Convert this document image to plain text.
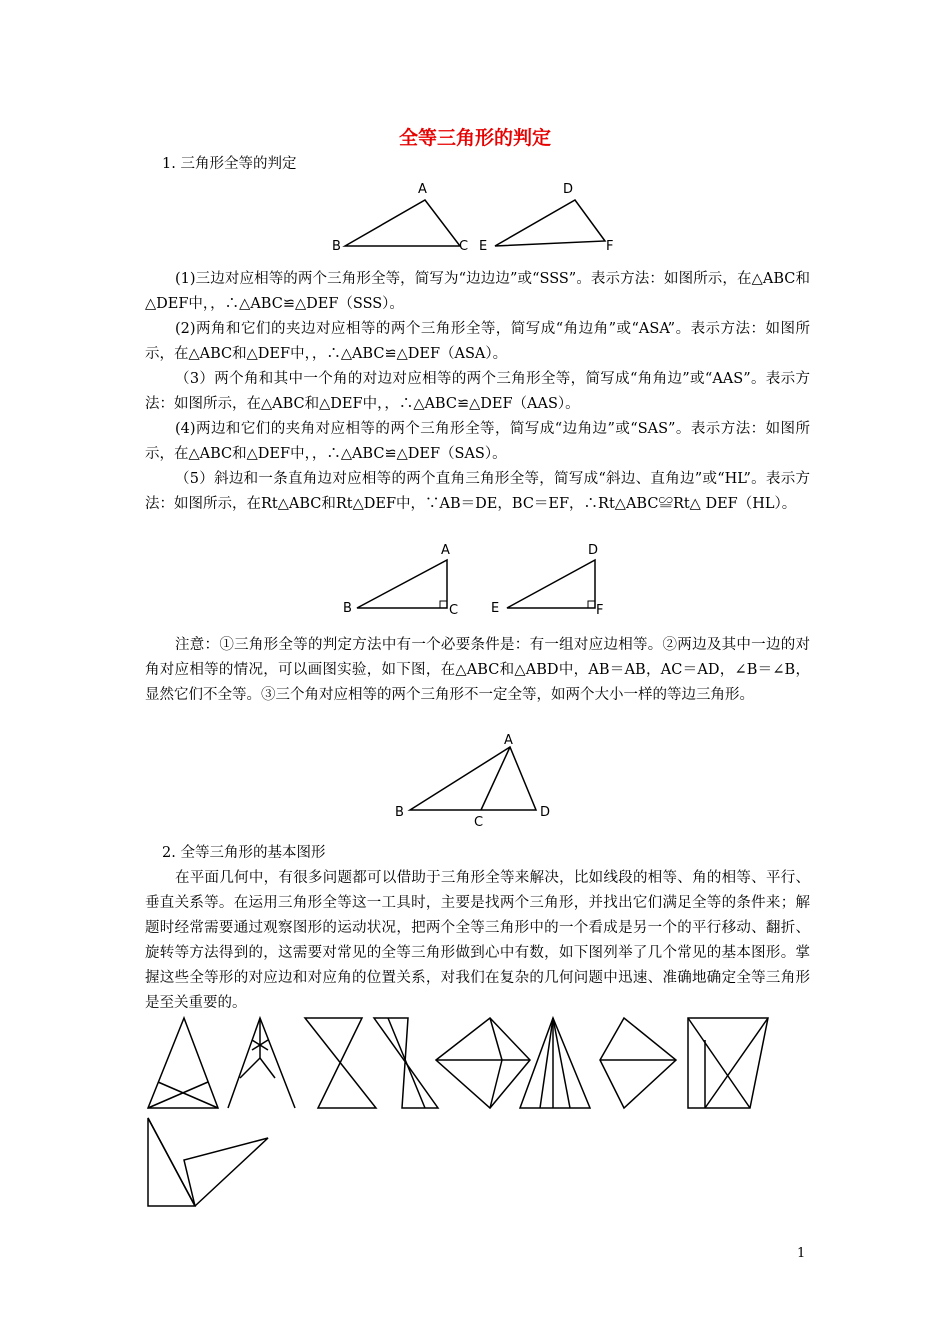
全等三角形的判定
1. 三角形全等的判定
A
B	C
D
E	F

(1)三边对应相等的两个三角形全等，简写为“边边边”或“SSS”。表示方法：如图所示，在△ABC和△DEF中，，∴△ABC≌△DEF（SSS）。

(2)两角和它们的夹边对应相等的两个三角形全等，简写成“角边角”或“ASA”。表示方法：如图所示，在△ABC和△DEF中，，∴△ABC≌△DEF（ASA）。

（3）两个角和其中一个角的对边对应相等的两个三角形全等，简写成“角角边”或“AAS”。表示方法：如图所示，在△ABC和△DEF中，，∴△ABC≌△DEF（AAS）。

(4)两边和它们的夹角对应相等的两个三角形全等，简写成“边角边”或“SAS”。表示方法：如图所示，在△ABC和△DEF中，，∴△ABC≌△DEF（SAS）。

（5）斜边和一条直角边对应相等的两个直角三角形全等，简写成“斜边、直角边”或“HL”。表示方法：如图所示，在Rt△ABC和Rt△DEF中，∵AB＝DE，BC＝EF，∴Rt△ABC≌Rt△ DEF（HL）。

A
B	C
D
E	F

注意：①三角形全等的判定方法中有一个必要条件是：有一组对应边相等。②两边及其中一边的对角对应相等的情况，可以画图实验，如下图，在△ABC和△ABD中，AB＝AB，AC＝AD，∠B＝∠B，显然它们不全等。③三个角对应相等的两个三角形不一定全等，如两个大小一样的等边三角形。

A
B
C
D
2. 全等三角形的基本图形

在平面几何中，有很多问题都可以借助于三角形全等来解决，比如线段的相等、角的相等、平行、垂直关系等。在运用三角形全等这一工具时，主要是找两个三角形，并找出它们满足全等的条件来；解题时经常需要通过观察图形的运动状况，把两个全等三角形中的一个看成是另一个的平行移动、翻折、旋转等方法得到的，这需要对常见的全等三角形做到心中有数，如下图列举了几个常见的基本图形。掌握这些全等形的对应边和对应角的位置关系，对我们在复杂的几何问题中迅速、准确地确定全等三角形是至关重要的。

1
